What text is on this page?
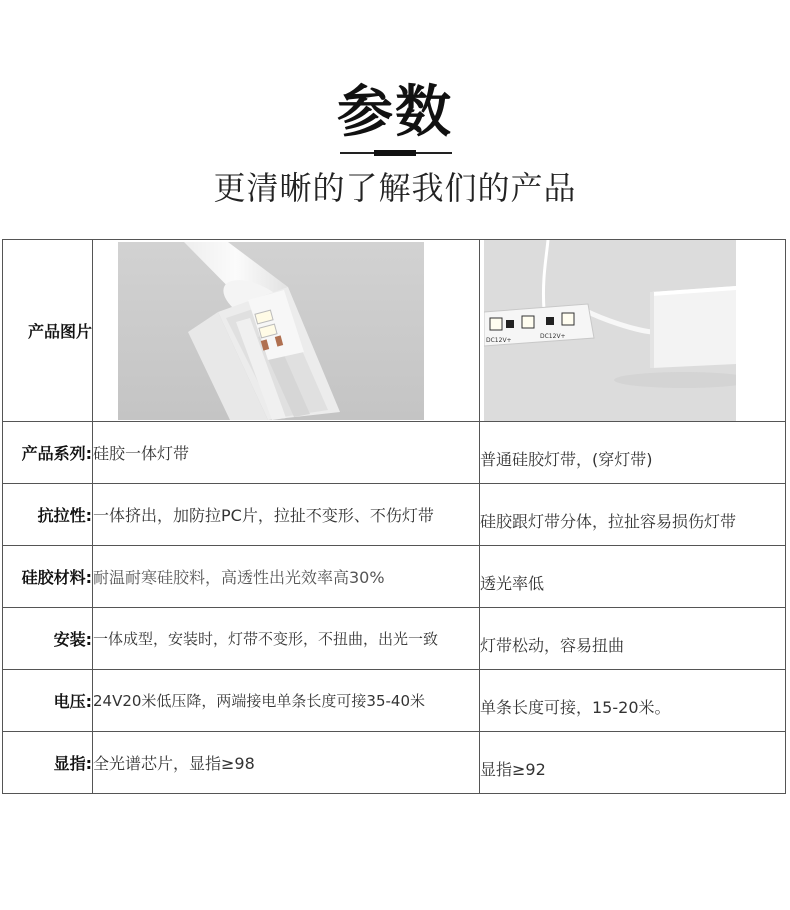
参数
更清晰的了解我们的产品
产品图片		DC12V+
DC12V+

产品系列:	硅胶一体灯带	普通硅胶灯带，(穿灯带)
抗拉性:	一体挤出，加防拉PC片，拉扯不变形、不伤灯带	硅胶跟灯带分体，拉扯容易损伤灯带
硅胶材料:	耐温耐寒硅胶料，高透性出光效率高30%	透光率低
安装:	一体成型，安装时，灯带不变形，不扭曲，出光一致	灯带松动，容易扭曲
电压:	24V20米低压降，两端接电单条长度可接35-40米	单条长度可接，15-20米。
显指:	全光谱芯片，显指≥98	显指≥92
